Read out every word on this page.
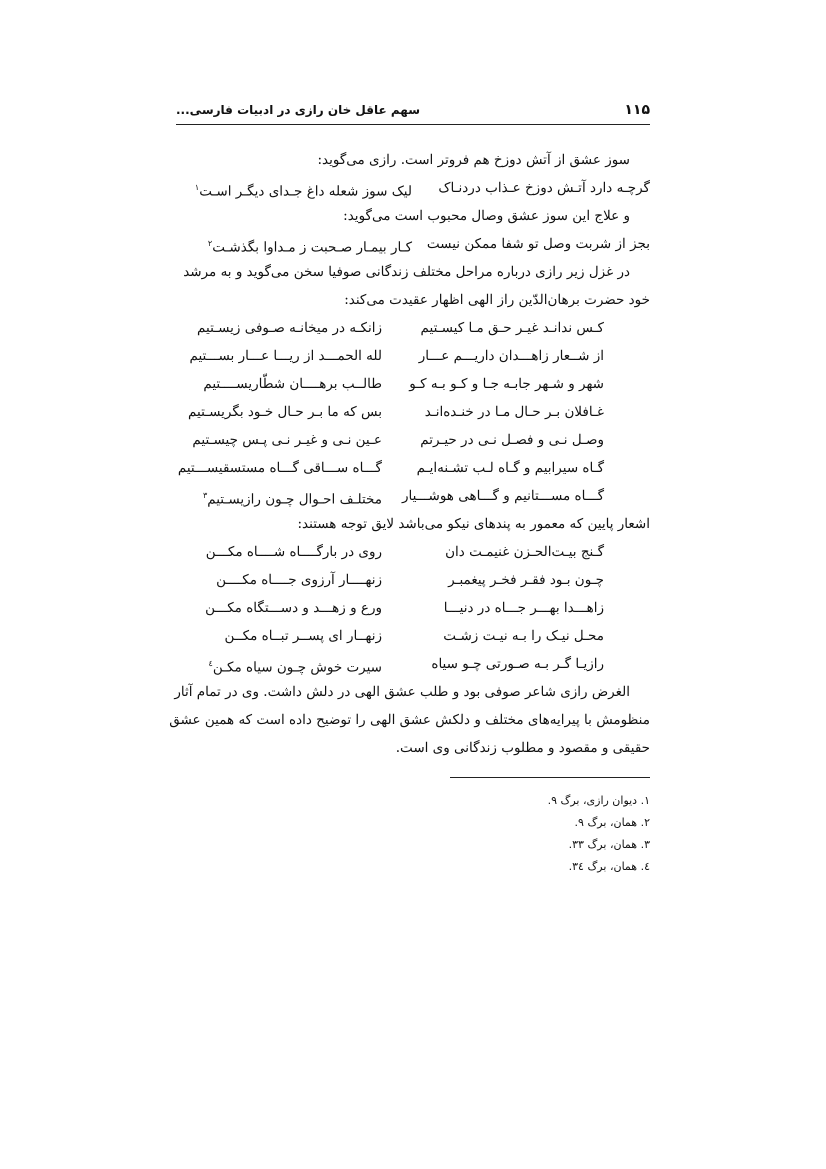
۱۱۵
سهم عاقل خان رازی در ادبیات فارسی...

سوز عشق از آتش دوزخ هم فروتر است. رازی می‌گوید:

گرچـه دارد آتـش دوزخ عـذاب دردنـاک
لیک سوز شعله داغ جـدای دیگـر اسـت$^۱$

و علاج این سوز عشق وصال محبوب است می‌گوید:

بجز از شربت وصل تو شفا ممکن نیست
کـار بیمـار صـحبت ز مـداوا بگذشـت$^۲$

در غزل زیر رازی درباره مراحل مختلف زندگانی صوفیا سخن می‌گوید و به مرشد

خود حضرت برهان‌الدّین راز الهی اظهار عقیدت می‌کند:

کـس ندانـد غیـر حـق مـا کیسـتیم
زانکـه در میخانـه صـوفی زیسـتیم
از شــعار زاهـــدان داریـــم عـــار
لله الحمـــد از ریـــا عـــار بســـتیم
شهر و شـهر جابـه جـا و کـو بـه کـو
طالــب برهــــان شطّاریســــتیم
غـافلان بـر حـال مـا در خنـده‌انـد
بس که ما بـر حـال خـود بگریسـتیم
وصـل نـی و فصـل نـی در حیـرتم
عـین نـی و غیـر نـی پـس چیسـتیم
گـاه سیرابیم و گـاه لـب تشـنه‌ایـم
گـــاه ســـاقی گـــاه مستسقیســـتیم
گـــاه مســـتانیم و گـــاهی هوشـــیار
مختلـف احـوال چـون رازیسـتیم$^۳$

اشعار پایین که معمور به پندهای نیکو می‌باشد لایق توجه هستند:

گـنج بیـت‌الحـزن غنیمـت دان
روی در بارگــــاه شــــاه مکـــن
چـون بـود فقـر فخـر پیغمبـر
زنهــــار آرزوی جــــاه مکــــن
زاهـــدا بهـــر جـــاه در دنیـــا
ورع و زهـــد و دســـتگاه مکـــن
محـل نیـک را بـه نیـت زشـت
زنهــار ای پســر تبــاه مکــن
رازیـا گـر بـه صـورتی چـو سیاه
سیرت خوش چـون سیاه مکـن$^٤$

الغرض رازی شاعر صوفی بود و طلب عشق الهی در دلش داشت. وی در تمام آثار

منظومش با پیرایه‌های مختلف و دلکش عشق الهی را توضیح داده است که همین عشق

حقیقی و مقصود و مطلوب زندگانی وی است.

۱. دیوان رازی، برگ ۹.
۲. همان، برگ ۹.
۳. همان، برگ ۳۳.
٤. همان، برگ ۳٤.
